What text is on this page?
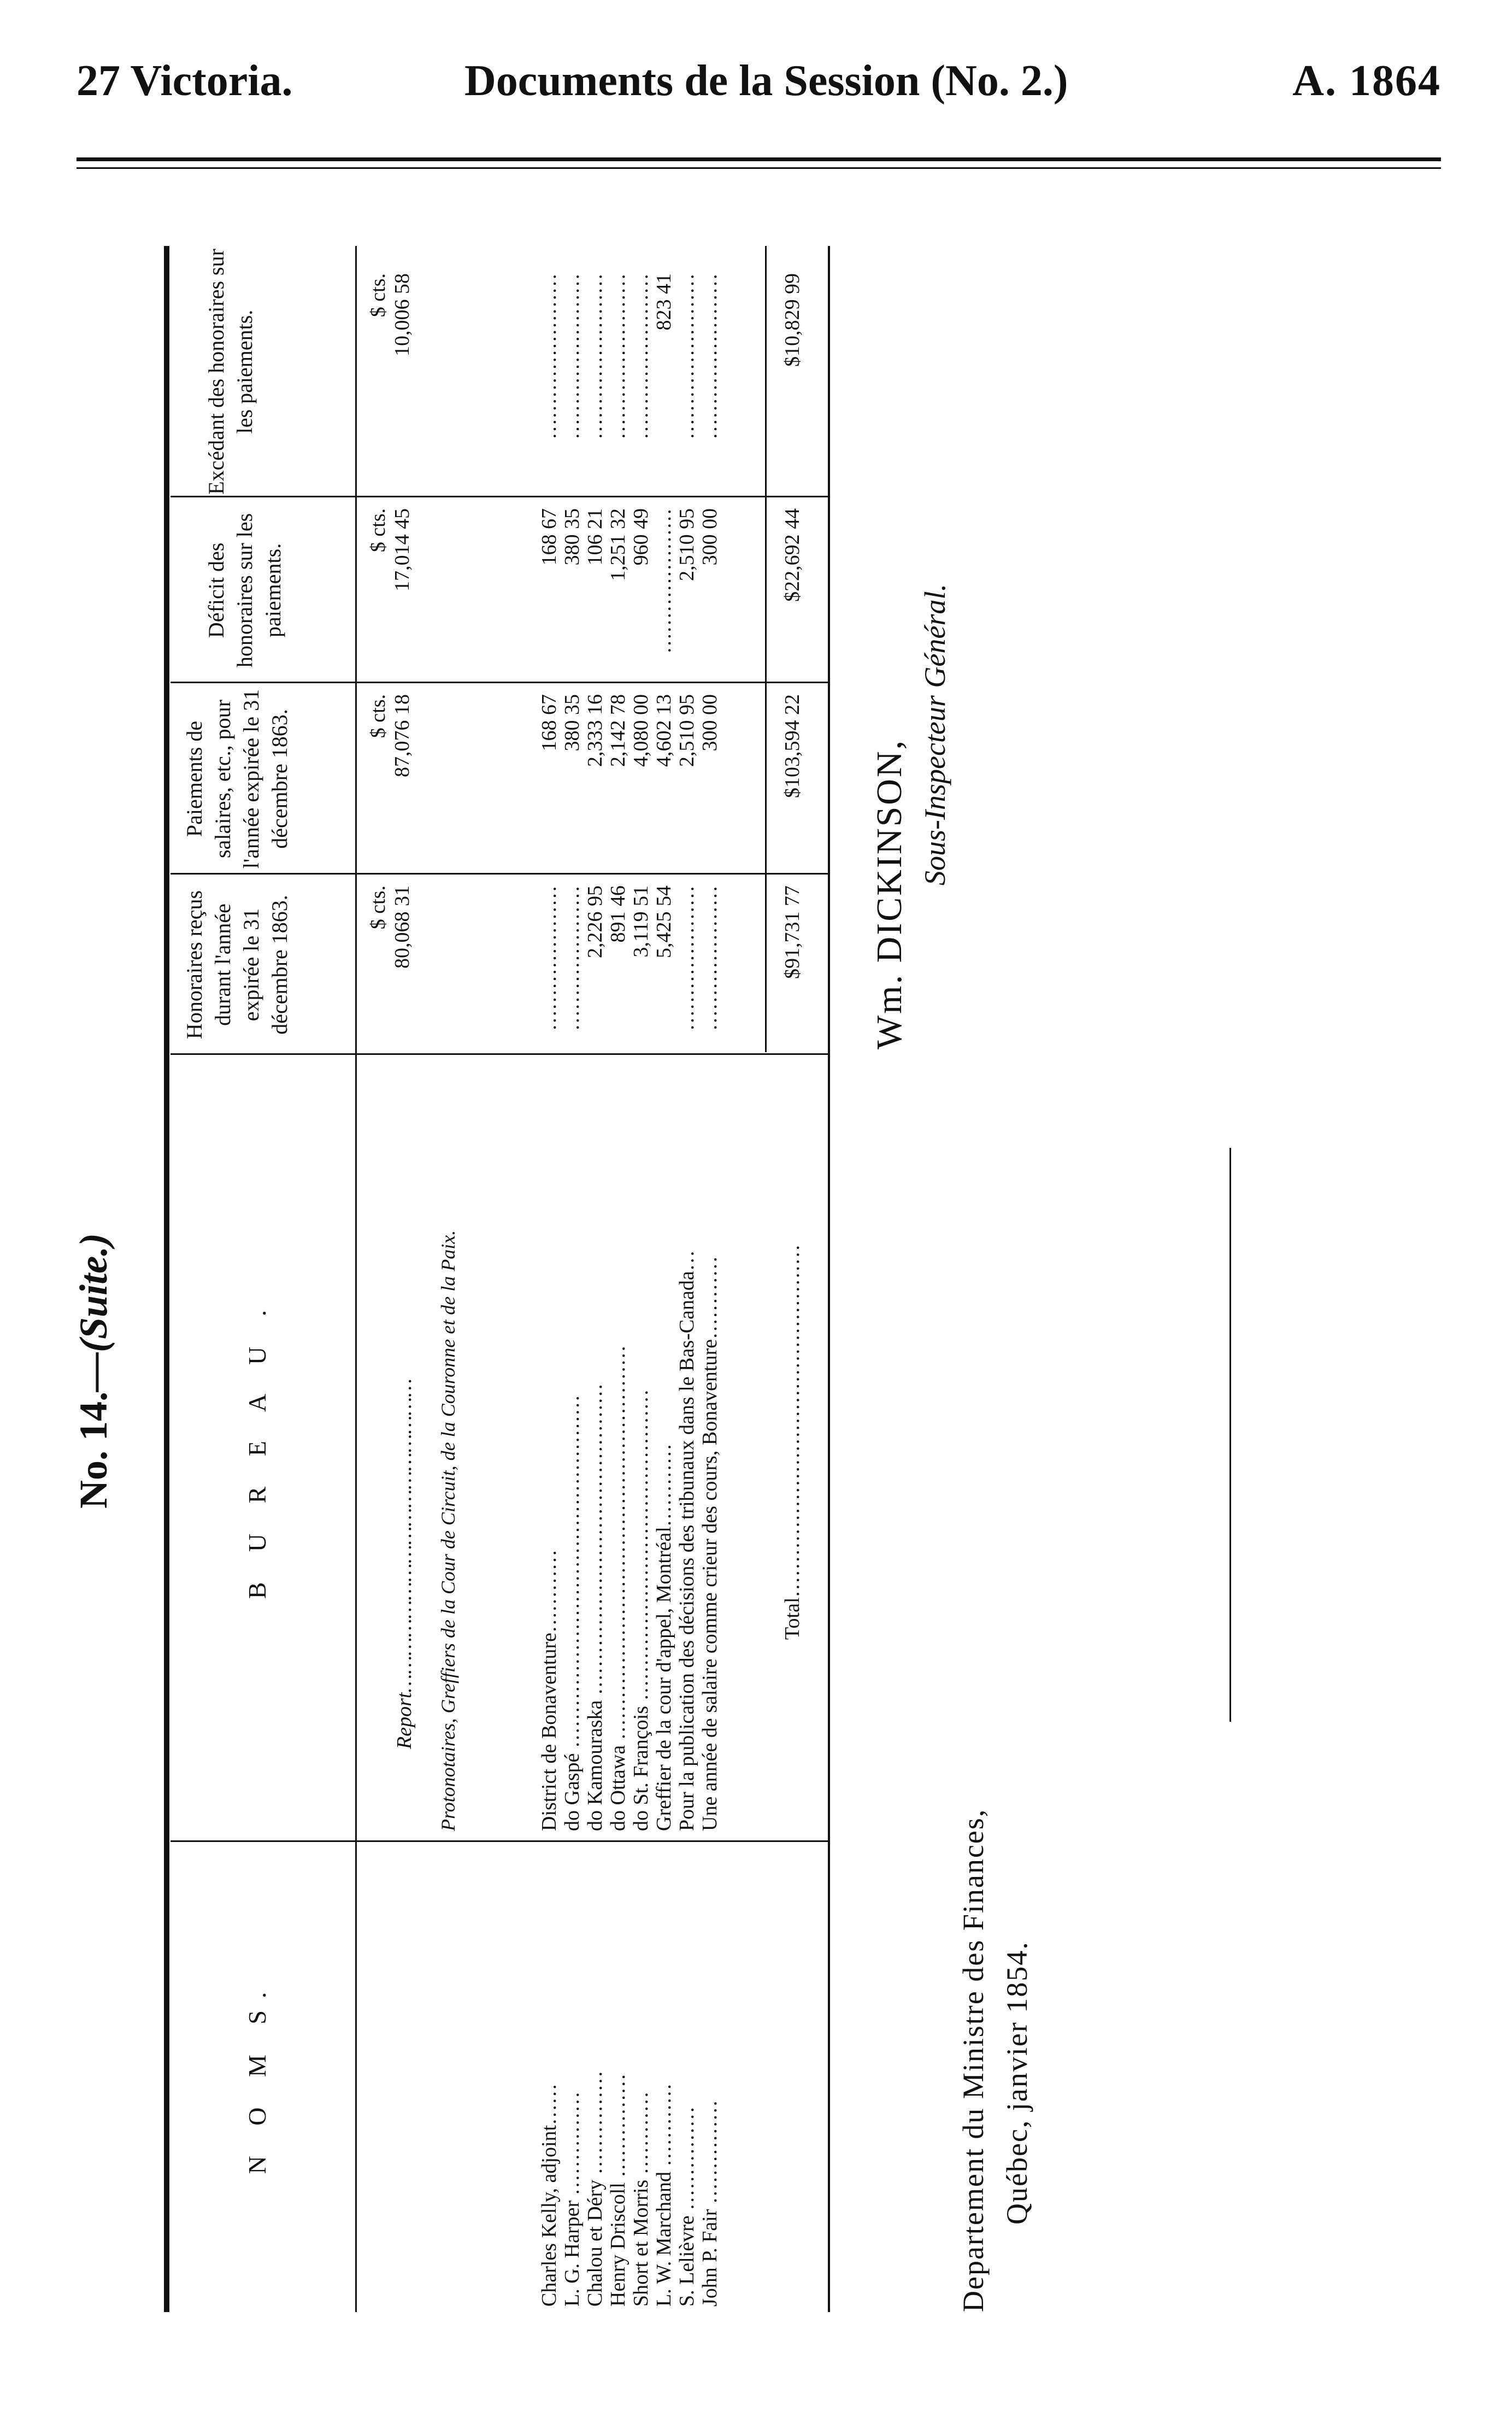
27 Victoria.	Documents de la Session (No. 2.)	A. 1864
No. 14.—(Suite.)
N O M S.
B U R E A U .
Honoraires reçus durant l'année expirée le 31 décembre 1863.
Paiements de salaires, etc., pour l'année expirée le 31 décembre 1863.
Déficit des honoraires sur les paiements.
Excédant des honoraires sur les paiements.
Report……………………………………………
$ cts.
$ cts.
$ cts.
$ cts.
80,068 31
87,076 18
17,014 45
10,006 58
Protonotaires, Greffiers de la Cour de Circuit, de la Couronne et de la Paix.
Charles Kelly, adjoint……
District de Bonaventure…………
…………………
168 67
168 67
……………………
L. G. Harper ……………
do Gaspé ……………………………………………
…………………
380 35
380 35
……………………
Chalou et Déry ……………
do Kamouraska ………………………………………
2,226 95
2,333 16
106 21
……………………
Henry Driscoll ……………
do Ottawa …………………………………………………
891 46
2,142 78
1,251 32
……………………
Short et Morris …………
do St. François ………………………………………
3,119 51
4,080 00
960 49
……………………
L. W. Marchand …………
Greffier de la cour d'appel, Montréal…………
5,425 54
4,602 13
…………………
823 41
S. Lelièvre ……………
Pour la publication des décisions des tribunaux dans le Bas-Canada…
…………………
2,510 95
2,510 95
……………………
John P. Fair ……………
Une année de salaire comme crieur des cours, Bonaventure…………
…………………
300 00
300 00
……………………
Total……………………………………………
$91,731 77
$103,594 22
$22,692 44
$10,829 99
Wm. DICKINSON,
Sous-Inspecteur Général.
Departement du Ministre des Finances, Québec, janvier 1854.
